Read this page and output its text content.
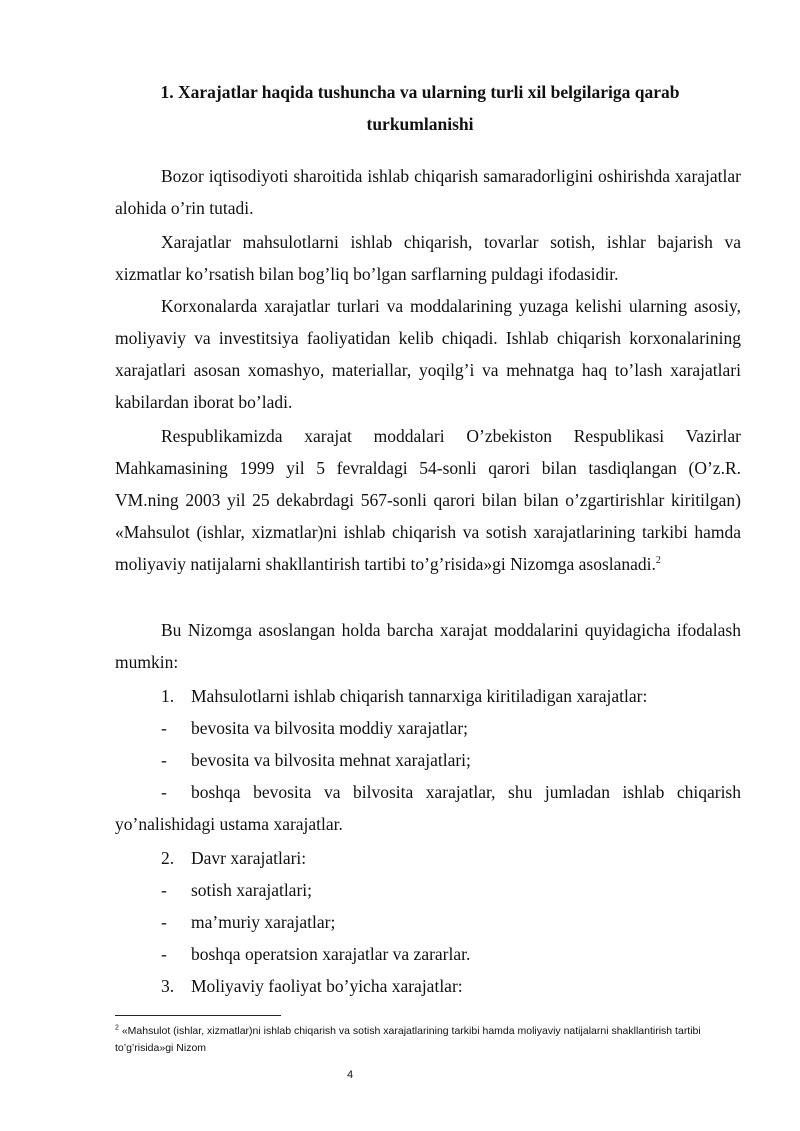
1. Xarajatlar haqida tushuncha va ularning turli xil belgilariga qarab
turkumlanishi

Bozor iqtisodiyoti sharoitida ishlab chiqarish samaradorligini oshirishda xarajatlar alohida o’rin tutadi.

Xarajatlar mahsulotlarni ishlab chiqarish, tovarlar sotish, ishlar bajarish va xizmatlar ko’rsatish bilan bog’liq bo’lgan sarflarning puldagi ifodasidir.

Korxonalarda xarajatlar turlari va moddalarining yuzaga kelishi ularning asosiy, moliyaviy va investitsiya faoliyatidan kelib chiqadi. Ishlab chiqarish korxonalarining xarajatlari asosan xomashyo, materiallar, yoqilg’i va mehnatga haq to’lash xarajatlari kabilardan iborat bo’ladi.

Respublikamizda xarajat moddalari O’zbekiston Respublikasi Vazirlar Mahkamasining 1999 yil 5 fevraldagi 54-sonli qarori bilan tasdiqlangan (O’z.R. VM.ning 2003 yil 25 dekabrdagi 567-sonli qarori bilan bilan o’zgartirishlar kiritilgan) «Mahsulot (ishlar, xizmatlar)ni ishlab chiqarish va sotish xarajatlarining tarkibi hamda moliyaviy natijalarni shakllantirish tartibi to’g’risida»gi Nizomga asoslanadi.$^2$

Bu Nizomga asoslangan holda barcha xarajat moddalarini quyidagicha ifodalash mumkin:

1. Mahsulotlarni ishlab chiqarish tannarxiga kiritiladigan xarajatlar:
-	bevosita va bilvosita moddiy xarajatlar;
-	bevosita va bilvosita mehnat xarajatlari;

- boshqa bevosita va bilvosita xarajatlar, shu jumladan ishlab chiqarish yo’nalishidagi ustama xarajatlar.

2. Davr xarajatlari:
-	sotish xarajatlari;
-	ma’muriy xarajatlar;
-	boshqa operatsion xarajatlar va zararlar.
3. Moliyaviy faoliyat bo’yicha xarajatlar:

$^2$ «Mahsulot (ishlar, xizmatlar)ni ishlab chiqarish va sotish xarajatlarining tarkibi hamda moliyaviy natijalarni shakllantirish tartibi to’g’risida»gi Nizom

4
